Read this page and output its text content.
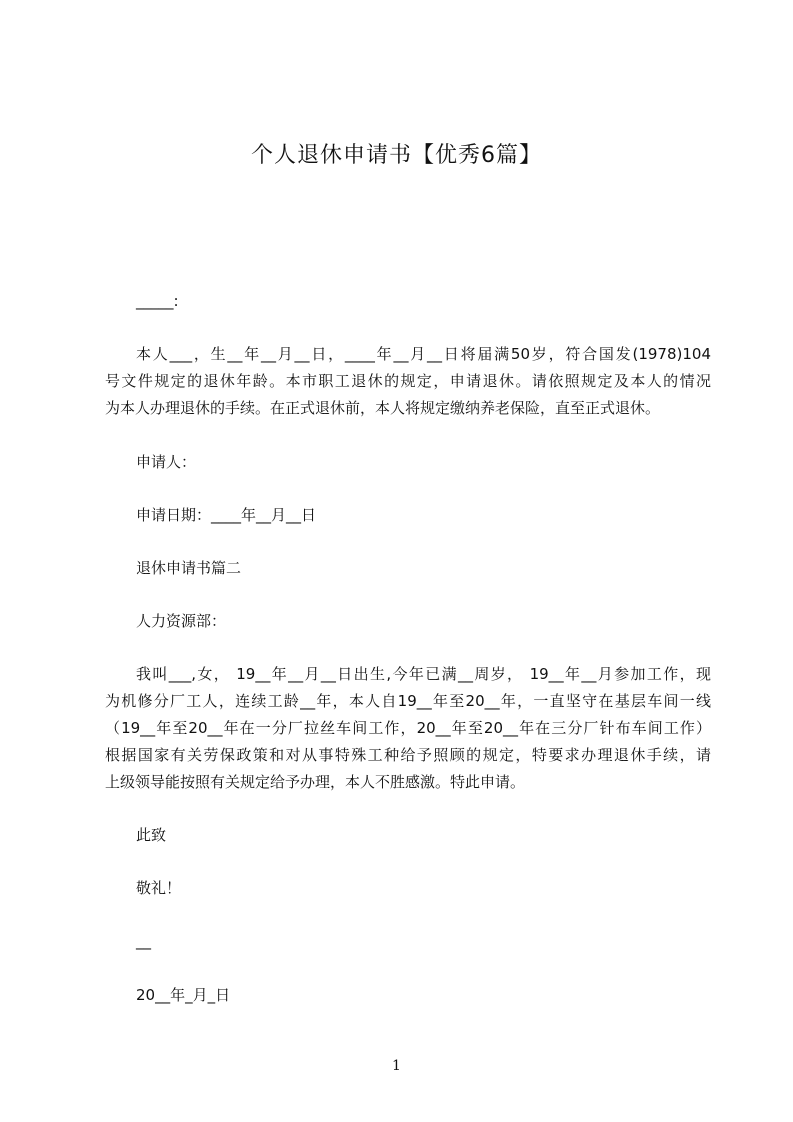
个人退休申请书【优秀6篇】
_____:
本人___，生__年__月__日，____年__月__日将届满50岁，符合国发(1978)104
号文件规定的退休年龄。本市职工退休的规定，申请退休。请依照规定及本人的情况
为本人办理退休的手续。在正式退休前，本人将规定缴纳养老保险，直至正式退休。
申请人：
申请日期：____年__月__日
退休申请书篇二
人力资源部：
我叫___,女， 19__年__月__日出生,今年已满__周岁， 19__年__月参加工作，现
为机修分厂工人，连续工龄__年，本人自19__年至20__年，一直坚守在基层车间一线
（19__年至20__年在一分厂拉丝车间工作，20__年至20__年在三分厂针布车间工作）
根据国家有关劳保政策和对从事特殊工种给予照顾的规定，特要求办理退休手续，请
上级领导能按照有关规定给予办理，本人不胜感激。特此申请。
此致
敬礼！
__
20__年_月_日
1
